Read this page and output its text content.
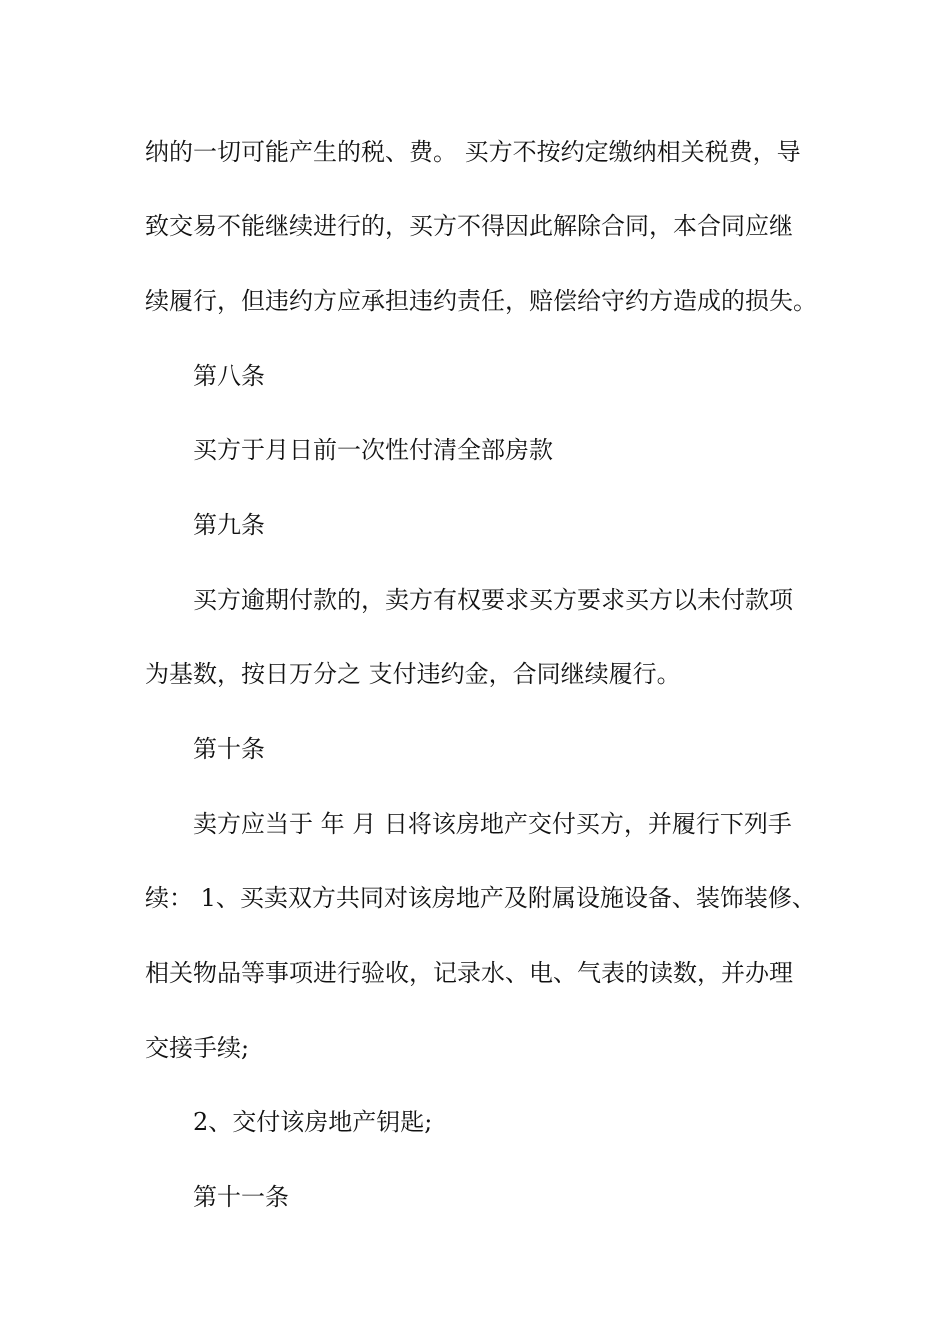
纳的一切可能产生的税、费。 买方不按约定缴纳相关税费，导
致交易不能继续进行的，买方不得因此解除合同，本合同应继
续履行，但违约方应承担违约责任，赔偿给守约方造成的损失。
第八条
买方于月日前一次性付清全部房款
第九条
买方逾期付款的，卖方有权要求买方要求买方以未付款项
为基数，按日万分之 支付违约金，合同继续履行。
第十条
卖方应当于 年 月 日将该房地产交付买方，并履行下列手
续： 1、买卖双方共同对该房地产及附属设施设备、装饰装修、
相关物品等事项进行验收，记录水、电、气表的读数，并办理
交接手续;
2、交付该房地产钥匙;
第十一条
